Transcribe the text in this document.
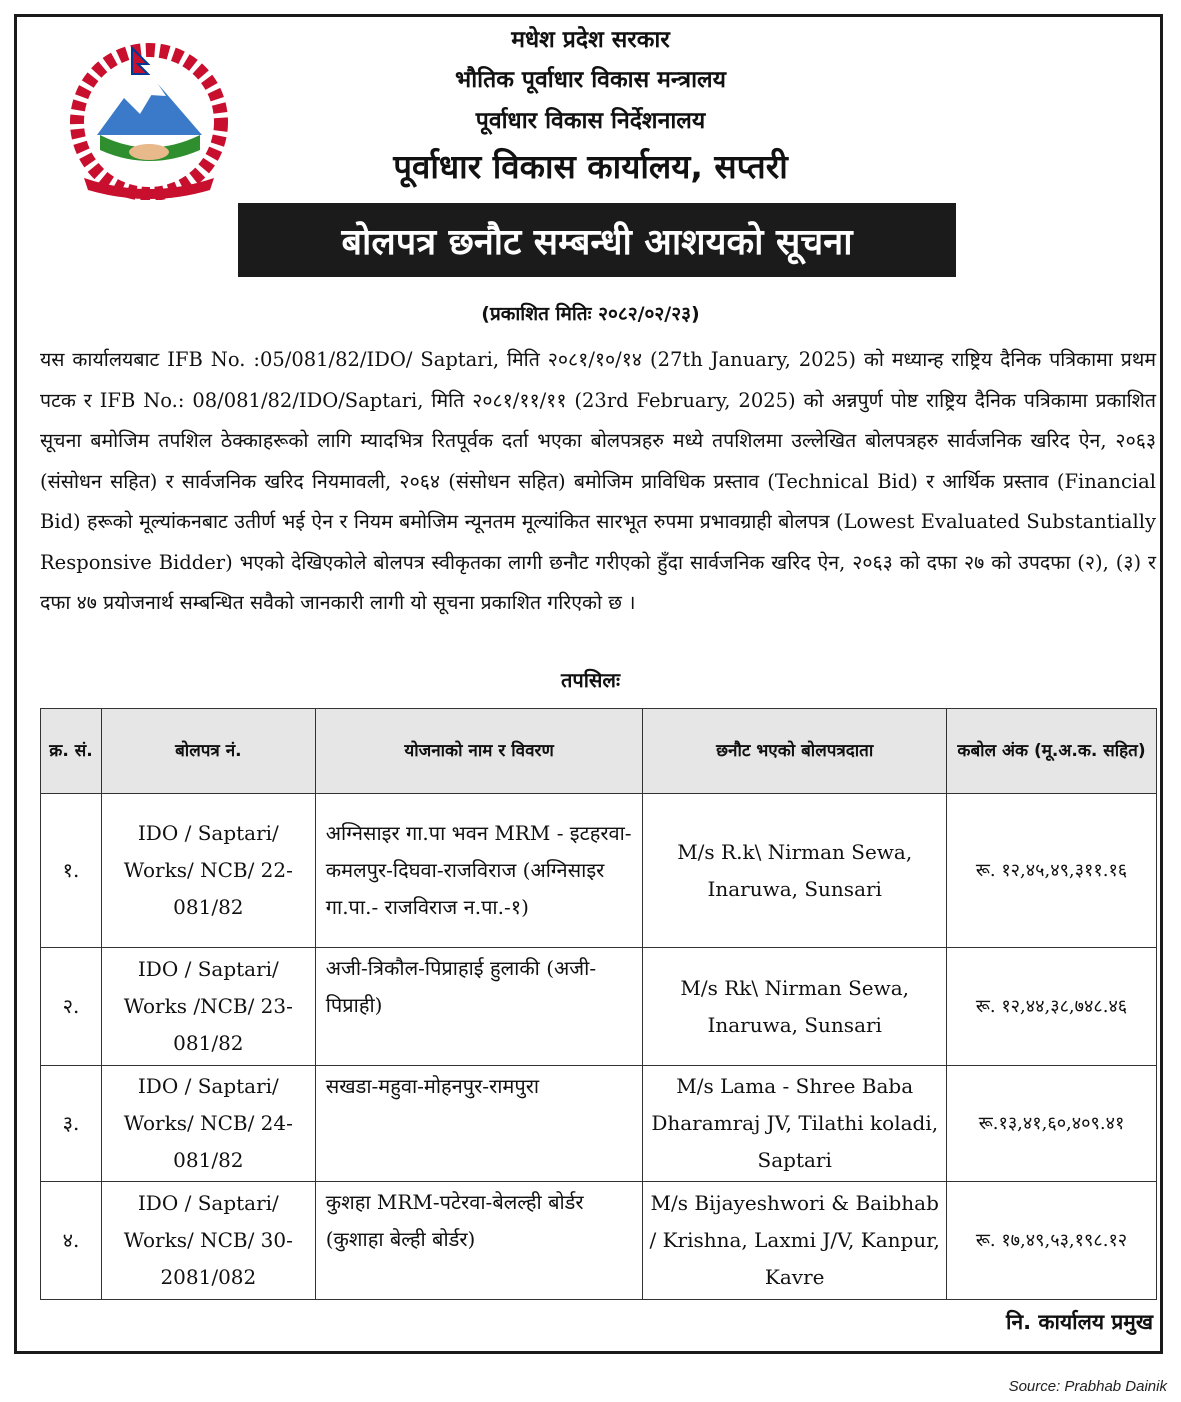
मधेश प्रदेश सरकार
भौतिक पूर्वाधार विकास मन्त्रालय
पूर्वाधार विकास निर्देशनालय
पूर्वाधार विकास कार्यालय, सप्तरी
बोलपत्र छनौट सम्बन्धी आशयको सूचना
(प्रकाशित मितिः २०८२/०२/२३)
यस कार्यालयबाट IFB No. :05/081/82/IDO/ Saptari, मिति २०८१/१०/१४ (27th January, 2025) को मध्यान्ह राष्ट्रिय दैनिक पत्रिकामा प्रथम पटक र IFB No.: 08/081/82/IDO/Saptari, मिति २०८१/११/११ (23rd February, 2025) को अन्नपुर्ण पोष्ट राष्ट्रिय दैनिक पत्रिकामा प्रकाशित सूचना बमोजिम तपशिल ठेक्काहरूको लागि म्यादभित्र रितपूर्वक दर्ता भएका बोलपत्रहरु मध्ये तपशिलमा उल्लेखित बोलपत्रहरु सार्वजनिक खरिद ऐन, २०६३ (संसोधन सहित) र सार्वजनिक खरिद नियमावली, २०६४ (संसोधन सहित) बमोजिम प्राविधिक प्रस्ताव (Technical Bid) र आर्थिक प्रस्ताव (Financial Bid) हरूको मूल्यांकनबाट उतीर्ण भई ऐन र नियम बमोजिम न्यूनतम मूल्यांकित सारभूत रुपमा प्रभावग्राही बोलपत्र (Lowest Evaluated Substantially Responsive Bidder) भएको देखिएकोले बोलपत्र स्वीकृतका लागी छनौट गरीएको हुँदा सार्वजनिक खरिद ऐन, २०६३ को दफा २७ को उपदफा (२), (३) र दफा ४७ प्रयोजनार्थ सम्बन्धित सवैको जानकारी लागी यो सूचना प्रकाशित गरिएको छ ।
तपसिलः
क्र. सं.	बोलपत्र नं.	योजनाको नाम र विवरण	छनौट भएको बोलपत्रदाता	कबोल अंक (मू.अ.क. सहित)
१.	IDO / Saptari/ Works/ NCB/ 22-081/82	अग्निसाइर गा.पा भवन MRM - इटहरवा-कमलपुर-दिघवा-राजविराज (अग्निसाइर गा.पा.- राजविराज न.पा.-१)	M/s R.k\ Nirman Sewa, Inaruwa, Sunsari	रू. १२,४५,४९,३११.१६
२.	IDO / Saptari/ Works /NCB/ 23-081/82	अजी-त्रिकौल-पिप्राहाई हुलाकी (अजी-पिप्राही)	M/s Rk\ Nirman Sewa, Inaruwa, Sunsari	रू. १२,४४,३८,७४८.४६
३.	IDO / Saptari/ Works/ NCB/ 24-081/82	सखडा-महुवा-मोहनपुर-रामपुरा	M/s Lama - Shree Baba Dharamraj JV, Tilathi koladi, Saptari	रू.१३,४१,६०,४०९.४१
४.	IDO / Saptari/ Works/ NCB/ 30-2081/082	कुशहा MRM-पटेरवा-बेलल्ही बोर्डर (कुशाहा बेल्ही बोर्डर)	M/s Bijayeshwori & Baibhab / Krishna, Laxmi J/V, Kanpur, Kavre	रू. १७,४९,५३,१९८.१२
नि. कार्यालय प्रमुख
Source: Prabhab Dainik
